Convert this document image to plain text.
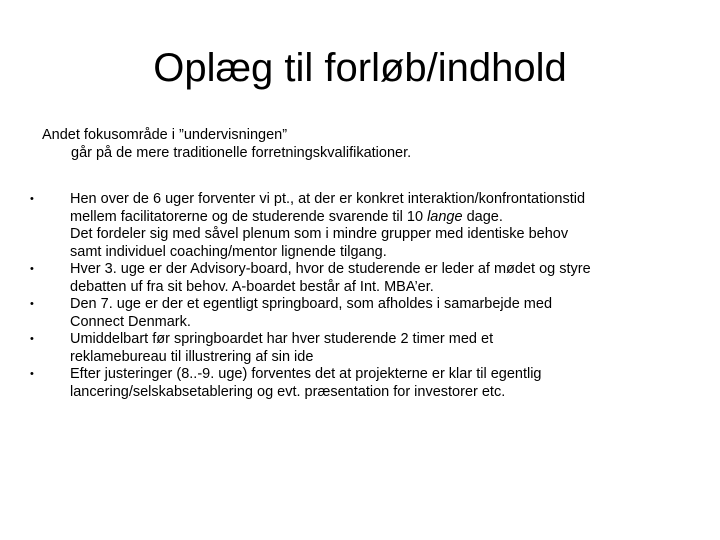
Oplæg til forløb/indhold
Andet fokusområde i ”undervisningen”
går på de mere traditionelle forretningskvalifikationer.
•	Hen over de 6 uger forventer vi pt., at der er konkret interaktion/konfrontationstid
mellem facilitatorerne og de studerende svarende til 10 lange dage.
Det fordeler sig med såvel plenum som i mindre grupper med identiske behov
samt individuel coaching/mentor lignende tilgang.
•	Hver 3. uge er der Advisory-board, hvor de studerende er leder af mødet og styre
debatten uf fra sit behov. A-boardet består af Int. MBA’er.
•	Den 7. uge er der et egentligt springboard, som afholdes i samarbejde med
Connect Denmark.
•	Umiddelbart før springboardet har hver studerende 2 timer med et
reklamebureau til illustrering af sin ide
•	Efter justeringer (8..-9. uge) forventes det at projekterne er klar til egentlig
lancering/selskabsetablering og evt. præsentation for investorer etc.
